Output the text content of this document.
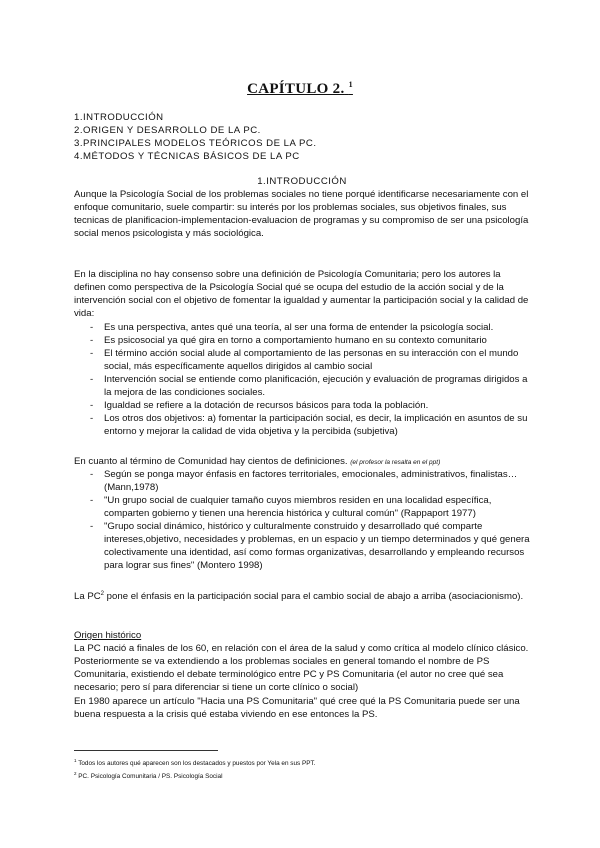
CAPÍTULO 2. $^1$
1.INTRODUCCIÓN
2.ORIGEN Y DESARROLLO DE LA PC.
3.PRINCIPALES MODELOS TEÓRICOS DE LA PC.
4.MÉTODOS Y TÉCNICAS BÁSICOS DE LA PC
1.INTRODUCCIÓN
Aunque la Psicología Social de los problemas sociales no tiene porqué identificarse necesariamente con el enfoque comunitario, suele compartir: su interés por los problemas sociales, sus objetivos finales, sus tecnicas de planificacion-implementacion-evaluacion de programas y su compromiso de ser una psicología social menos psicologista y más sociológica.
En la disciplina no hay consenso sobre una definición de Psicología Comunitaria; pero los autores la definen como perspectiva de la Psicología Social qué se ocupa del estudio de la acción social y de la intervención social con el objetivo de fomentar la igualdad y aumentar la participación social y la calidad de vida:
- Es una perspectiva, antes qué una teoría, al ser una forma de entender la psicología social.
- Es psicosocial ya qué gira en torno a comportamiento humano en su contexto comunitario
- El término acción social alude al comportamiento de las personas en su interacción con el mundo social, más específicamente aquellos dirigidos al cambio social
- Intervención social se entiende como planificación, ejecución y evaluación de programas dirigidos a la mejora de las condiciones sociales.
- Igualdad se refiere a la dotación de recursos básicos para toda la población.
- Los otros dos objetivos: a) fomentar la participación social, es decir, la implicación en asuntos de su entorno y mejorar la calidad de vida objetiva y la percibida (subjetiva)
En cuanto al término de Comunidad hay cientos de definiciones. (el profesor la resalta en el ppt)
- Según se ponga mayor énfasis en factores territoriales, emocionales, administrativos, finalistas… (Mann,1978)
- "Un grupo social de cualquier tamaño cuyos miembros residen en una localidad específica, comparten gobierno y tienen una herencia histórica y cultural común" (Rappaport 1977)
- "Grupo social dinámico, histórico y culturalmente construido y desarrollado qué comparte intereses,objetivo, necesidades y problemas, en un espacio y un tiempo determinados y qué genera colectivamente una identidad, así como formas organizativas, desarrollando y empleando recursos para lograr sus fines" (Montero 1998)
La PC$^2$ pone el énfasis en la participación social para el cambio social de abajo a arriba (asociacionismo).
Origen histórico
La PC nació a finales de los 60, en relación con el área de la salud y como crítica al modelo clínico clásico. Posteriormente se va extendiendo a los problemas sociales en general tomando el nombre de PS Comunitaria, existiendo el debate terminológico entre PC y PS Comunitaria (el autor no cree qué sea necesario; pero sí para diferenciar si tiene un corte clínico o social)
En 1980 aparece un artículo "Hacia una PS Comunitaria" qué cree qué la PS Comunitaria puede ser una buena respuesta a la crisis qué estaba viviendo en ese entonces la PS.
$^1$ Todos los autores qué aparecen son los destacados y puestos por Yela en sus PPT.
$^2$ PC. Psicología Comunitaria / PS. Psicología Social
